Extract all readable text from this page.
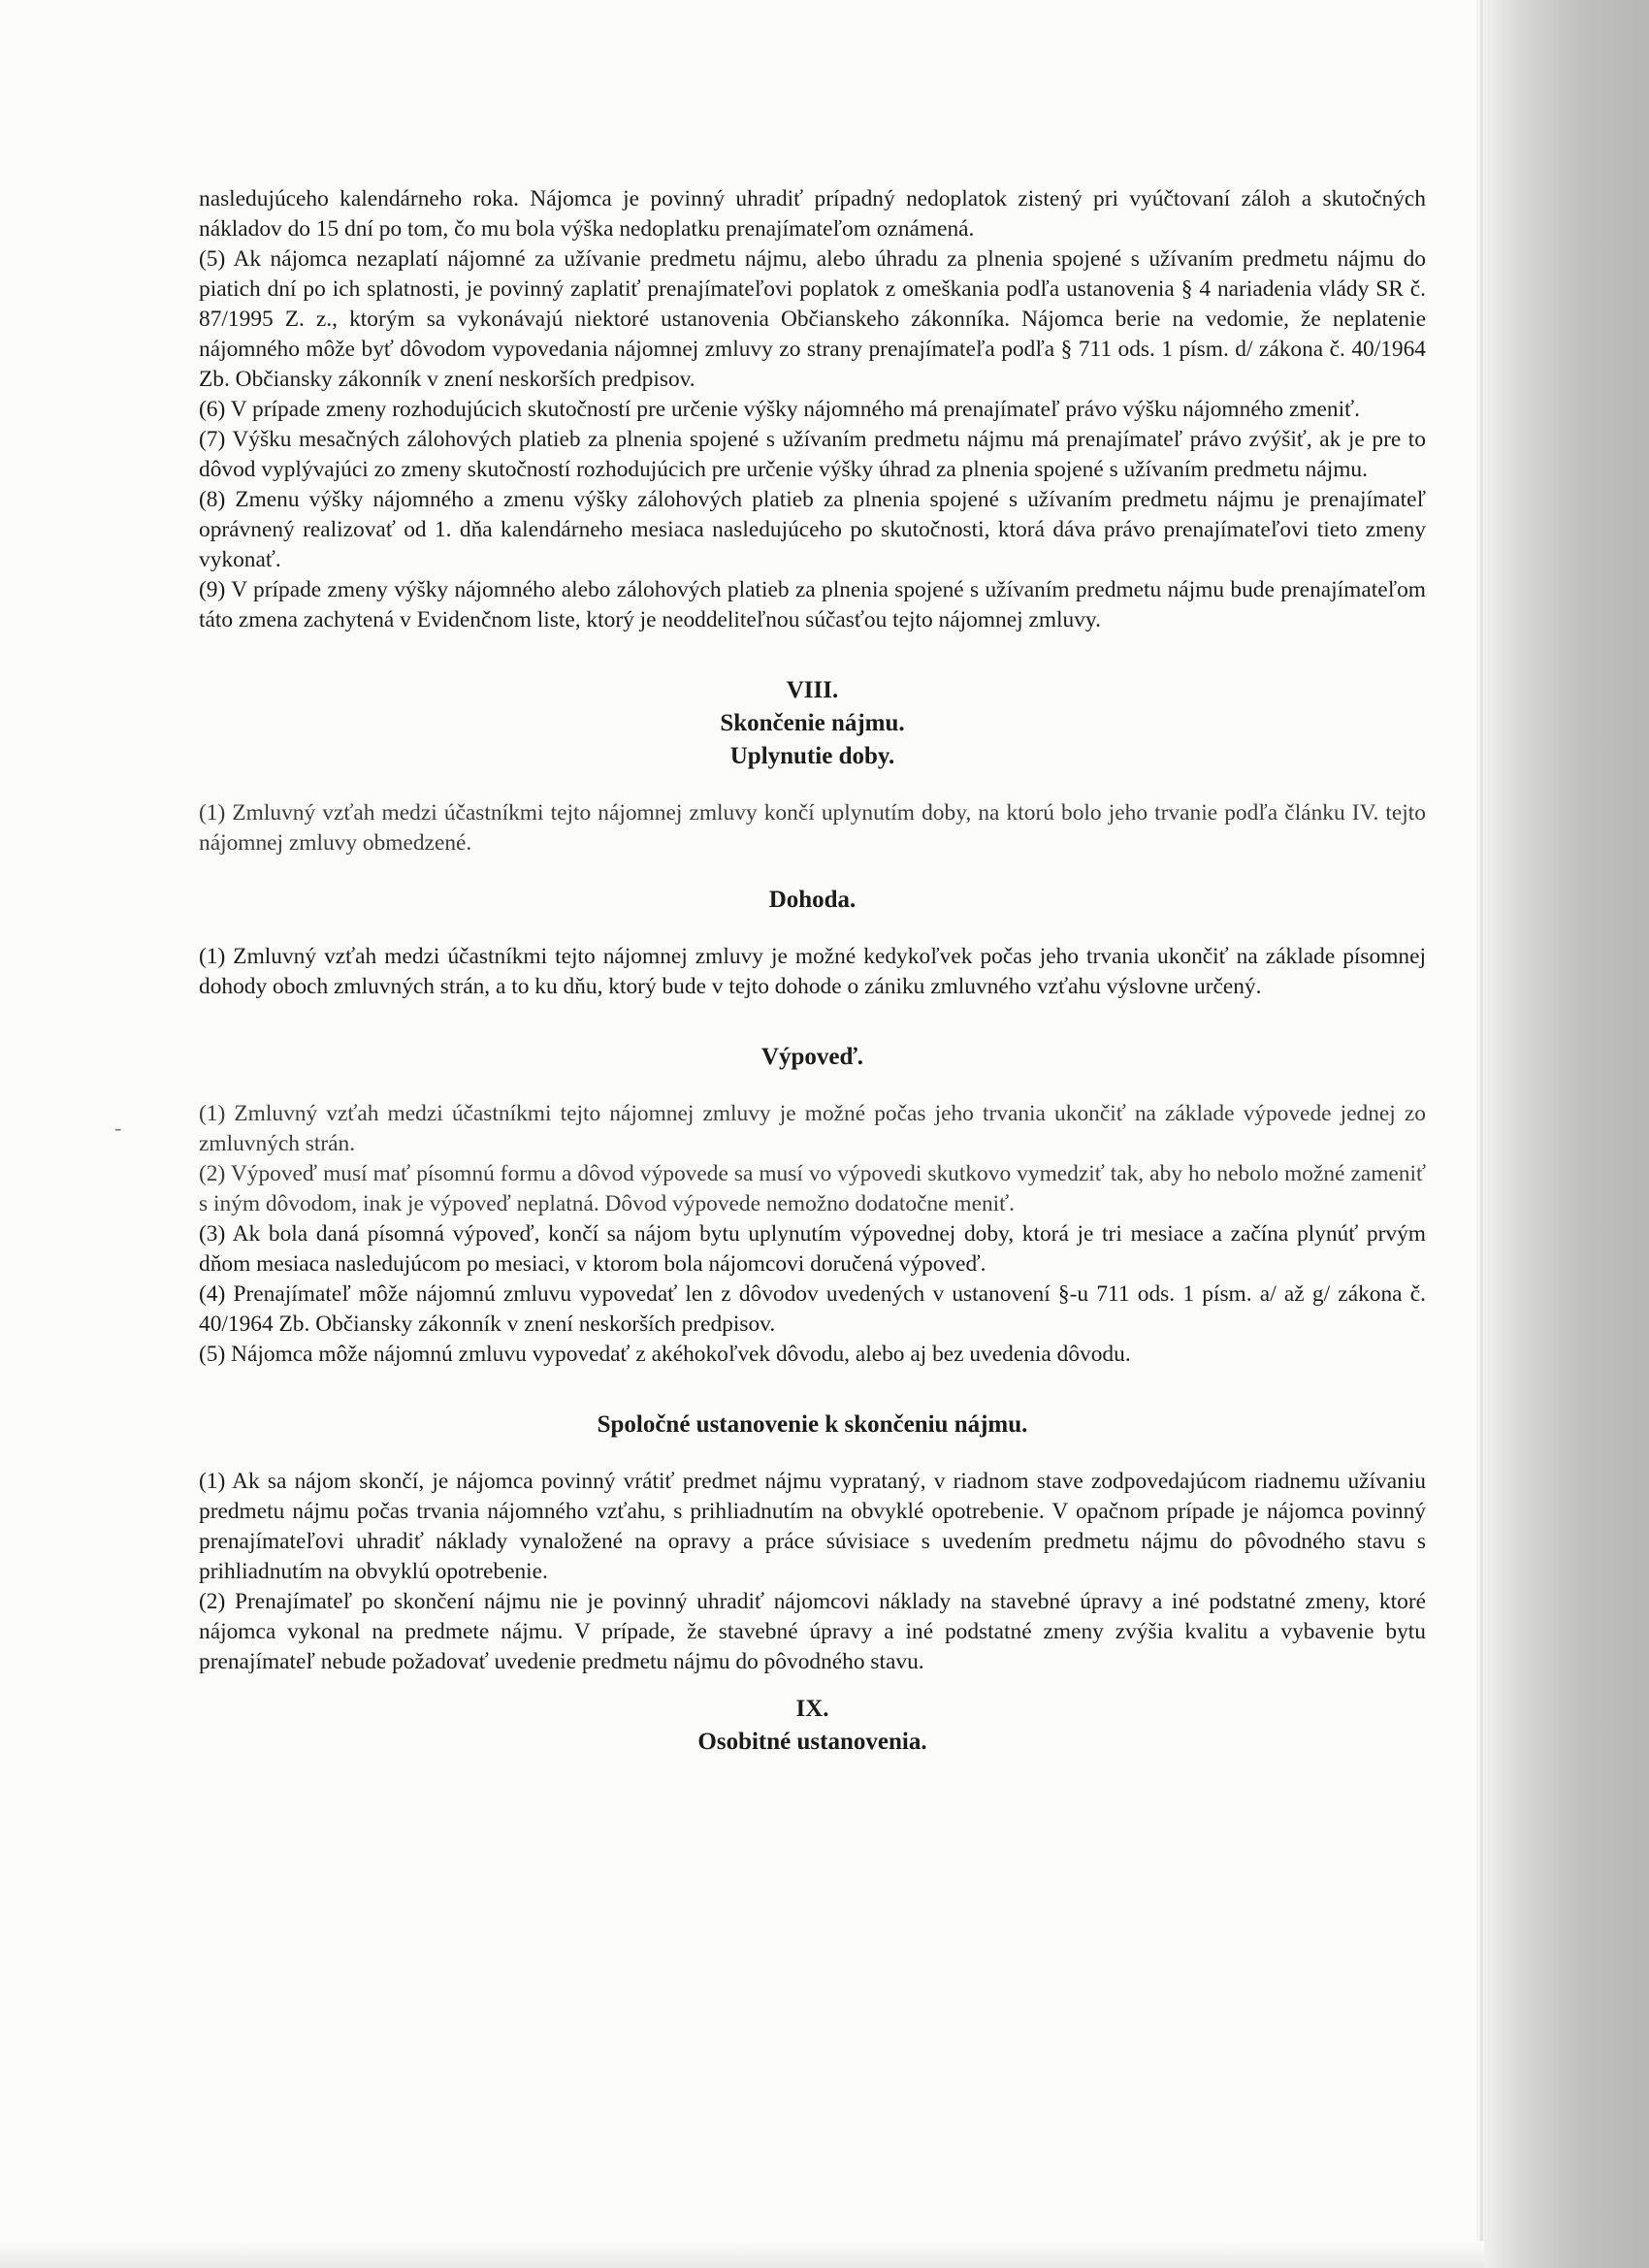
-

nasledujúceho kalendárneho roka. Nájomca je povinný uhradiť prípadný nedoplatok zistený pri vyúčtovaní záloh a skutočných nákladov do 15 dní po tom, čo mu bola výška nedoplatku prenajímateľom oznámená.

(5) Ak nájomca nezaplatí nájomné za užívanie predmetu nájmu, alebo úhradu za plnenia spojené s užívaním predmetu nájmu do piatich dní po ich splatnosti, je povinný zaplatiť prenajímateľovi poplatok z omeškania podľa ustanovenia § 4 nariadenia vlády SR č. 87/1995 Z. z., ktorým sa vykonávajú niektoré ustanovenia Občianskeho zákonníka. Nájomca berie na vedomie, že neplatenie nájomného môže byť dôvodom vypovedania nájomnej zmluvy zo strany prenajímateľa podľa § 711 ods. 1 písm. d/ zákona č. 40/1964 Zb. Občiansky zákonník v znení neskorších predpisov.

(6) V prípade zmeny rozhodujúcich skutočností pre určenie výšky nájomného má prenajímateľ právo výšku nájomného zmeniť.

(7) Výšku mesačných zálohových platieb za plnenia spojené s užívaním predmetu nájmu má prenajímateľ právo zvýšiť, ak je pre to dôvod vyplývajúci zo zmeny skutočností rozhodujúcich pre určenie výšky úhrad za plnenia spojené s užívaním predmetu nájmu.

(8) Zmenu výšky nájomného a zmenu výšky zálohových platieb za plnenia spojené s užívaním predmetu nájmu je prenajímateľ oprávnený realizovať od 1. dňa kalendárneho mesiaca nasledujúceho po skutočnosti, ktorá dáva právo prenajímateľovi tieto zmeny vykonať.

(9) V prípade zmeny výšky nájomného alebo zálohových platieb za plnenia spojené s užívaním predmetu nájmu bude prenajímateľom táto zmena zachytená v Evidenčnom liste, ktorý je neoddeliteľnou súčasťou tejto nájomnej zmluvy.

VIII.
Skončenie nájmu.
Uplynutie doby.

(1) Zmluvný vzťah medzi účastníkmi tejto nájomnej zmluvy končí uplynutím doby, na ktorú bolo jeho trvanie podľa článku IV. tejto nájomnej zmluvy obmedzené.

Dohoda.

(1) Zmluvný vzťah medzi účastníkmi tejto nájomnej zmluvy je možné kedykoľvek počas jeho trvania ukončiť na základe písomnej dohody oboch zmluvných strán, a to ku dňu, ktorý bude v tejto dohode o zániku zmluvného vzťahu výslovne určený.

Výpoveď.

(1) Zmluvný vzťah medzi účastníkmi tejto nájomnej zmluvy je možné počas jeho trvania ukončiť na základe výpovede jednej zo zmluvných strán.

(2) Výpoveď musí mať písomnú formu a dôvod výpovede sa musí vo výpovedi skutkovo vymedziť tak, aby ho nebolo možné zameniť s iným dôvodom, inak je výpoveď neplatná. Dôvod výpovede nemožno dodatočne meniť.

(3) Ak bola daná písomná výpoveď, končí sa nájom bytu uplynutím výpovednej doby, ktorá je tri mesiace a začína plynúť prvým dňom mesiaca nasledujúcom po mesiaci, v ktorom bola nájomcovi doručená výpoveď.

(4) Prenajímateľ môže nájomnú zmluvu vypovedať len z dôvodov uvedených v ustanovení §-u 711 ods. 1 písm. a/ až g/ zákona č. 40/1964 Zb. Občiansky zákonník v znení neskorších predpisov.

(5) Nájomca môže nájomnú zmluvu vypovedať z akéhokoľvek dôvodu, alebo aj bez uvedenia dôvodu.

Spoločné ustanovenie k skončeniu nájmu.

(1) Ak sa nájom skončí, je nájomca povinný vrátiť predmet nájmu vyprataný, v riadnom stave zodpovedajúcom riadnemu užívaniu predmetu nájmu počas trvania nájomného vzťahu, s prihliadnutím na obvyklé opotrebenie. V opačnom prípade je nájomca povinný prenajímateľovi uhradiť náklady vynaložené na opravy a práce súvisiace s uvedením predmetu nájmu do pôvodného stavu s prihliadnutím na obvyklú opotrebenie.

(2) Prenajímateľ po skončení nájmu nie je povinný uhradiť nájomcovi náklady na stavebné úpravy a iné podstatné zmeny, ktoré nájomca vykonal na predmete nájmu. V prípade, že stavebné úpravy a iné podstatné zmeny zvýšia kvalitu a vybavenie bytu prenajímateľ nebude požadovať uvedenie predmetu nájmu do pôvodného stavu.

IX.
Osobitné ustanovenia.
